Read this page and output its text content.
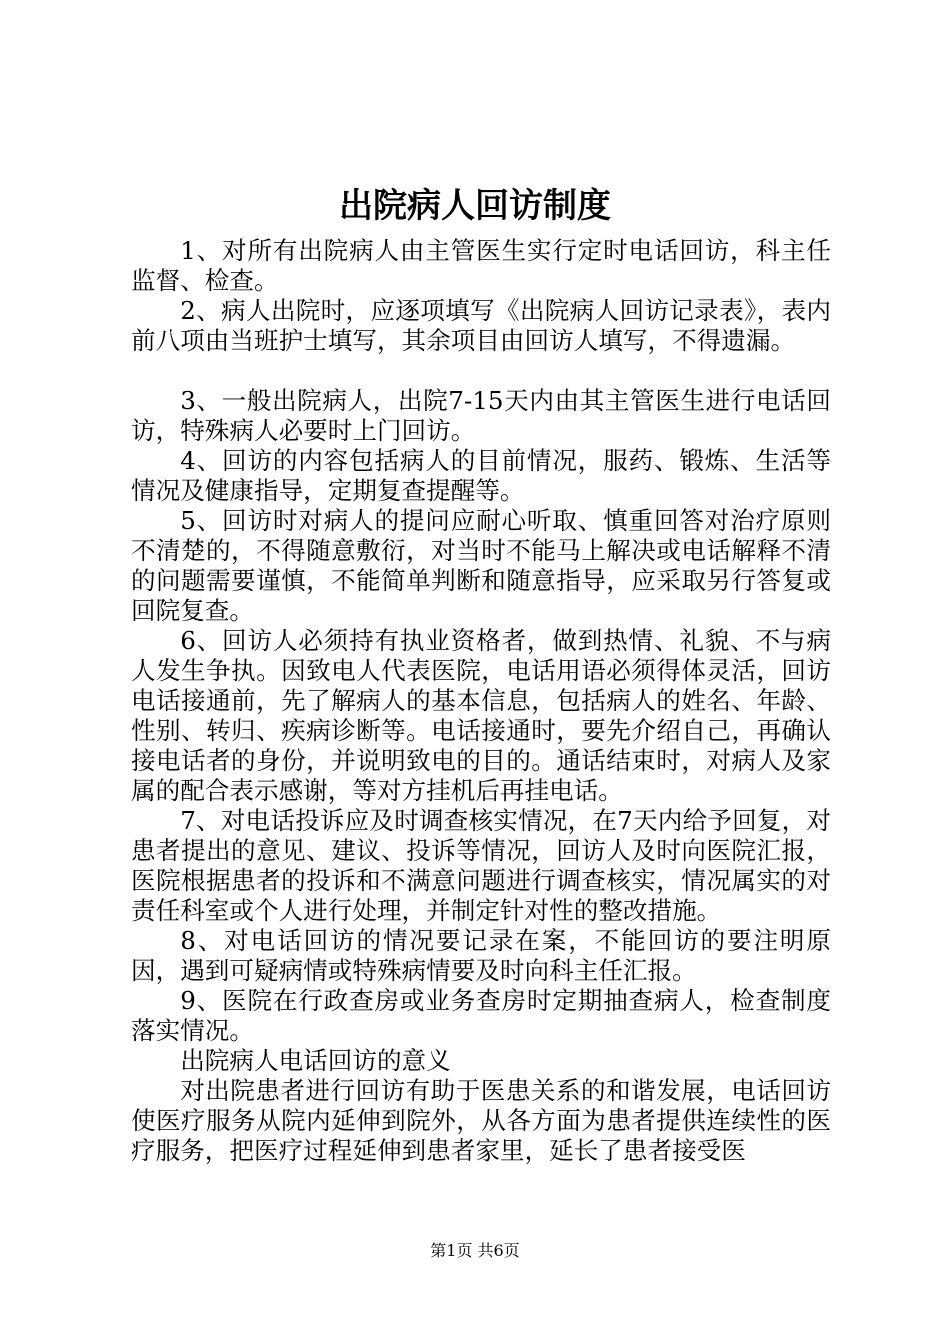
出院病人回访制度

1、对所有出院病人由主管医生实行定时电话回访，科主任监督、检查。

2、病人出院时，应逐项填写《出院病人回访记录表》，表内前八项由当班护士填写，其余项目由回访人填写，不得遗漏。

3、一般出院病人，出院7-15天内由其主管医生进行电话回访，特殊病人必要时上门回访。

4、回访的内容包括病人的目前情况，服药、锻炼、生活等情况及健康指导，定期复查提醒等。

5、回访时对病人的提问应耐心听取、慎重回答对治疗原则不清楚的，不得随意敷衍，对当时不能马上解决或电话解释不清的问题需要谨慎，不能简单判断和随意指导，应采取另行答复或回院复查。

6、回访人必须持有执业资格者，做到热情、礼貌、不与病人发生争执。因致电人代表医院，电话用语必须得体灵活，回访电话接通前，先了解病人的基本信息，包括病人的姓名、年龄、性别、转归、疾病诊断等。电话接通时，要先介绍自己，再确认接电话者的身份，并说明致电的目的。通话结束时，对病人及家属的配合表示感谢，等对方挂机后再挂电话。

7、对电话投诉应及时调查核实情况，在7天内给予回复，对患者提出的意见、建议、投诉等情况，回访人及时向医院汇报，医院根据患者的投诉和不满意问题进行调查核实，情况属实的对责任科室或个人进行处理，并制定针对性的整改措施。

8、对电话回访的情况要记录在案，不能回访的要注明原因，遇到可疑病情或特殊病情要及时向科主任汇报。

9、医院在行政查房或业务查房时定期抽查病人，检查制度落实情况。

出院病人电话回访的意义

对出院患者进行回访有助于医患关系的和谐发展，电话回访使医疗服务从院内延伸到院外，从各方面为患者提供连续性的医疗服务，把医疗过程延伸到患者家里，延长了患者接受医

第1页 共6页
